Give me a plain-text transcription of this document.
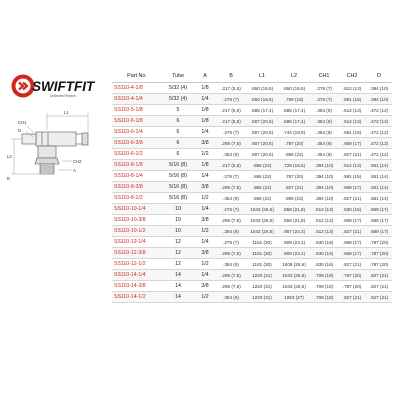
SWIFTFIT
Unlimited Reach
L1
CH1
D
L2
CH2
A
B
Part No.	Tube	A	B	L1	L2	CH1	CH2	D
SS110-4-1/8	5/32 (4)	1/8	.217 (5,5)	.650 (16,5)	.650 (16,5)	.276 (7)	.512 (13)	.394 (10)
SS110-4-1/4	5/32 (4)	1/4	.276 (7)	.650 (16,5)	.709 (18)	.276 (7)	.591 (15)	.394 (10)
SS110-5-1/8	5	1/8	.217 (5,5)	.685 (17,4)	.685 (17,4)	.354 (9)	.512 (13)	.472 (12)
SS110-6-1/8	6	1/8	.217 (5,5)	.807 (20,5)	.685 (17,4)	.354 (9)	.512 (13)	.472 (12)
SS110-6-1/4	6	1/4	.276 (7)	.807 (20,5)	.744 (18,9)	.354 (9)	.591 (15)	.472 (12)
SS110-6-3/8	6	3/8	.295 (7,5)	.807 (20,5)	.787 (20)	.354 (9)	.669 (17)	.472 (12)
SS110-6-1/2	6	1/2	.354 (9)	.807 (20,5)	.866 (22)	.354 (9)	.827 (21)	.472 (12)
SS110-8-1/8	5/16 (8)	1/8	.217 (5,5)	.866 (22)	.728 (18,5)	.394 (10)	.512 (13)	.551 (14)
SS110-8-1/4	5/16 (8)	1/4	.276 (7)	.866 (22)	.787 (20)	.394 (10)	.591 (15)	.551 (14)
SS110-8-3/8	5/16 (8)	3/8	.295 (7,5)	.866 (22)	.827 (21)	.394 (10)	.669 (17)	.551 (14)
SS110-8-1/2	5/16 (8)	1/2	.354 (9)	.866 (22)	.906 (23)	.394 (10)	.827 (21)	.551 (14)
SS110-10-1/4	10	1/4	.276 (7)	1043 (26,5)	.858 (21,8)	.512 (13)	.630 (16)	.669 (17)
SS110-10-3/8	10	3/8	.295 (7,5)	1043 (26,5)	.858 (21,8)	.512 (13)	.669 (17)	.669 (17)
SS110-10-1/2	10	1/2	.354 (9)	1043 (26,5)	.957 (24,3)	.512 (13)	.827 (21)	.669 (17)
SS110-12-1/4	12	1/4	.276 (7)	1181 (30)	.909 (23,1)	.630 (16)	.669 (17)	.787 (20)
SS110-12-3/8	12	3/8	.295 (7,5)	1181 (30)	.909 (23,1)	.630 (16)	.669 (17)	.787 (20)
SS110-12-1/2	12	1/2	.354 (9)	1181 (30)	1008 (25,6)	.630 (16)	.827 (21)	.787 (20)
SS110-14-1/4	14	1/4	.295 (7,5)	1220 (31)	1043 (26,5)	.709 (18)	.787 (20)	.827 (21)
SS110-14-3/8	14	3/8	.295 (7,5)	1220 (31)	1043 (26,5)	.709 (18)	.787 (20)	.827 (21)
SS110-14-1/2	14	1/2	.354 (9)	1220 (31)	1063 (27)	.709 (18)	.827 (21)	.827 (21)
